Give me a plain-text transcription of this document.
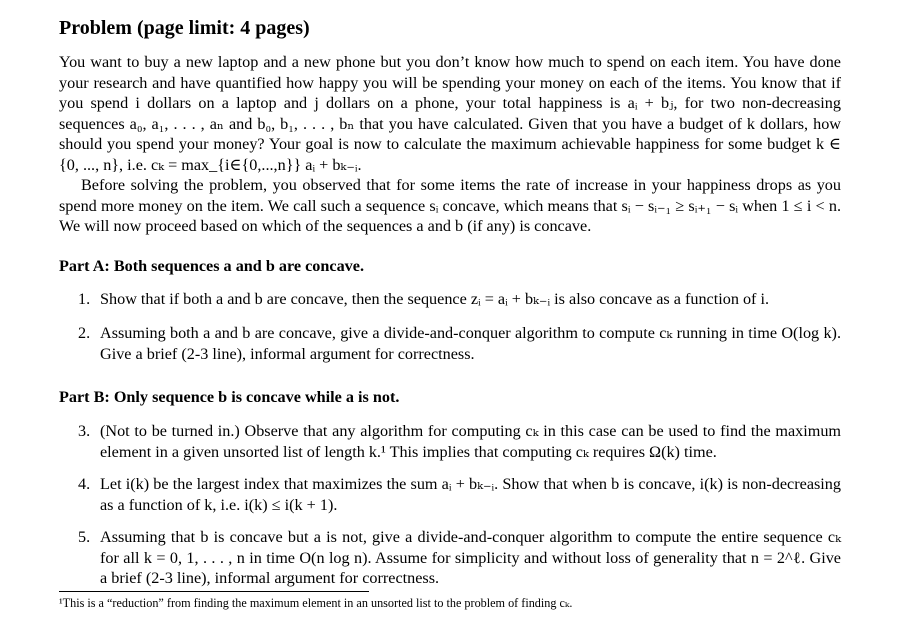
Problem (page limit: 4 pages)

You want to buy a new laptop and a new phone but you don’t know how much to spend on each item. You have done your research and have quantified how happy you will be spending your money on each of the items. You know that if you spend i dollars on a laptop and j dollars on a phone, your total happiness is aᵢ + bⱼ, for two non-decreasing sequences a₀, a₁, . . . , aₙ and b₀, b₁, . . . , bₙ that you have calculated. Given that you have a budget of k dollars, how should you spend your money? Your goal is now to calculate the maximum achievable happiness for some budget k ∈ {0, ..., n}, i.e. cₖ = max_{i∈{0,...,n}} aᵢ + bₖ₋ᵢ.

Before solving the problem, you observed that for some items the rate of increase in your happiness drops as you spend more money on the item. We call such a sequence sᵢ concave, which means that sᵢ − sᵢ₋₁ ≥ sᵢ₊₁ − sᵢ when 1 ≤ i < n. We will now proceed based on which of the sequences a and b (if any) is concave.

Part A: Both sequences a and b are concave.
1. Show that if both a and b are concave, then the sequence zᵢ = aᵢ + bₖ₋ᵢ is also concave as a function of i.
2. Assuming both a and b are concave, give a divide-and-conquer algorithm to compute cₖ running in time O(log k). Give a brief (2-3 line), informal argument for correctness.
Part B: Only sequence b is concave while a is not.
3. (Not to be turned in.) Observe that any algorithm for computing cₖ in this case can be used to find the maximum element in a given unsorted list of length k.¹ This implies that computing cₖ requires Ω(k) time.
4. Let i(k) be the largest index that maximizes the sum aᵢ + bₖ₋ᵢ. Show that when b is concave, i(k) is non-decreasing as a function of k, i.e. i(k) ≤ i(k + 1).
5. Assuming that b is concave but a is not, give a divide-and-conquer algorithm to compute the entire sequence cₖ for all k = 0, 1, . . . , n in time O(n log n). Assume for simplicity and without loss of generality that n = 2^ℓ. Give a brief (2-3 line), informal argument for correctness.
¹This is a “reduction” from finding the maximum element in an unsorted list to the problem of finding cₖ.
